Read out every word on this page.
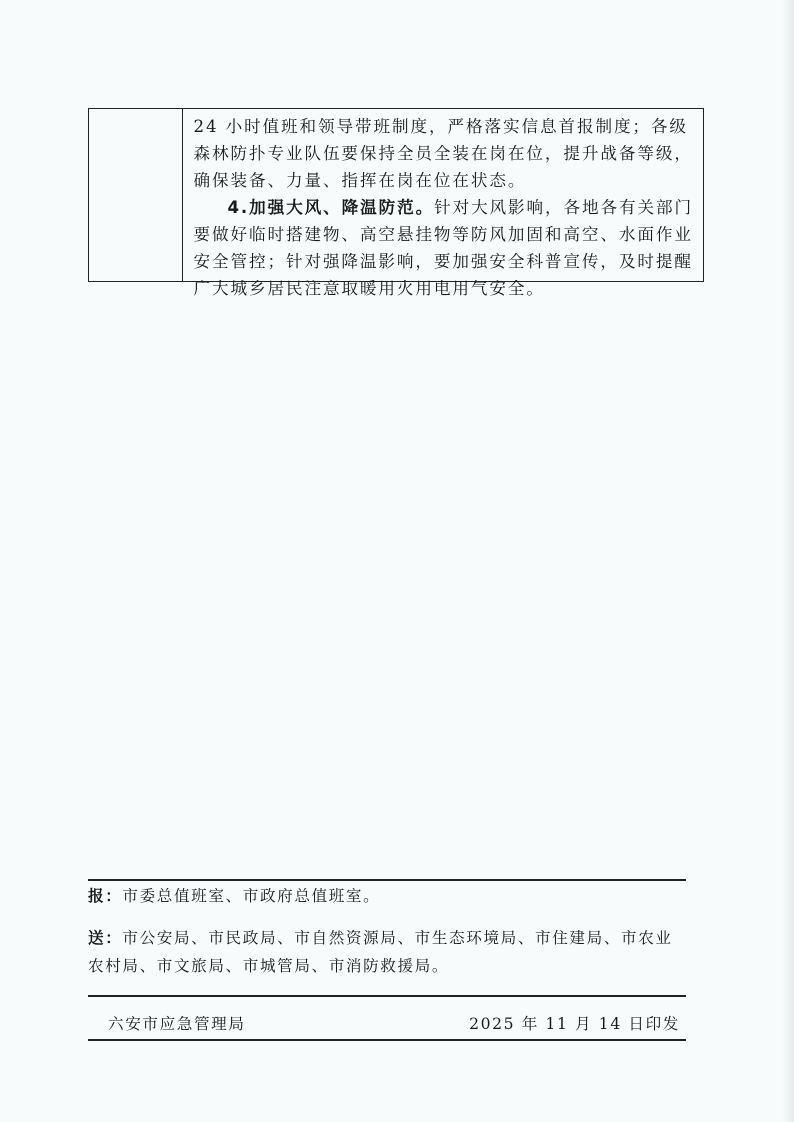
24 小时值班和领导带班制度，严格落实信息首报制度；各级

森林防扑专业队伍要保持全员全装在岗在位，提升战备等级，

确保装备、力量、指挥在岗在位在状态。

4.加强大风、降温防范。针对大风影响，各地各有关部门

要做好临时搭建物、高空悬挂物等防风加固和高空、水面作业

安全管控；针对强降温影响，要加强安全科普宣传，及时提醒

广大城乡居民注意取暖用火用电用气安全。

报：市委总值班室、市政府总值班室。
送：市公安局、市民政局、市自然资源局、市生态环境局、市住建局、市农业
农村局、市文旅局、市城管局、市消防救援局。
六安市应急管理局	2025 年 11 月 14 日印发
